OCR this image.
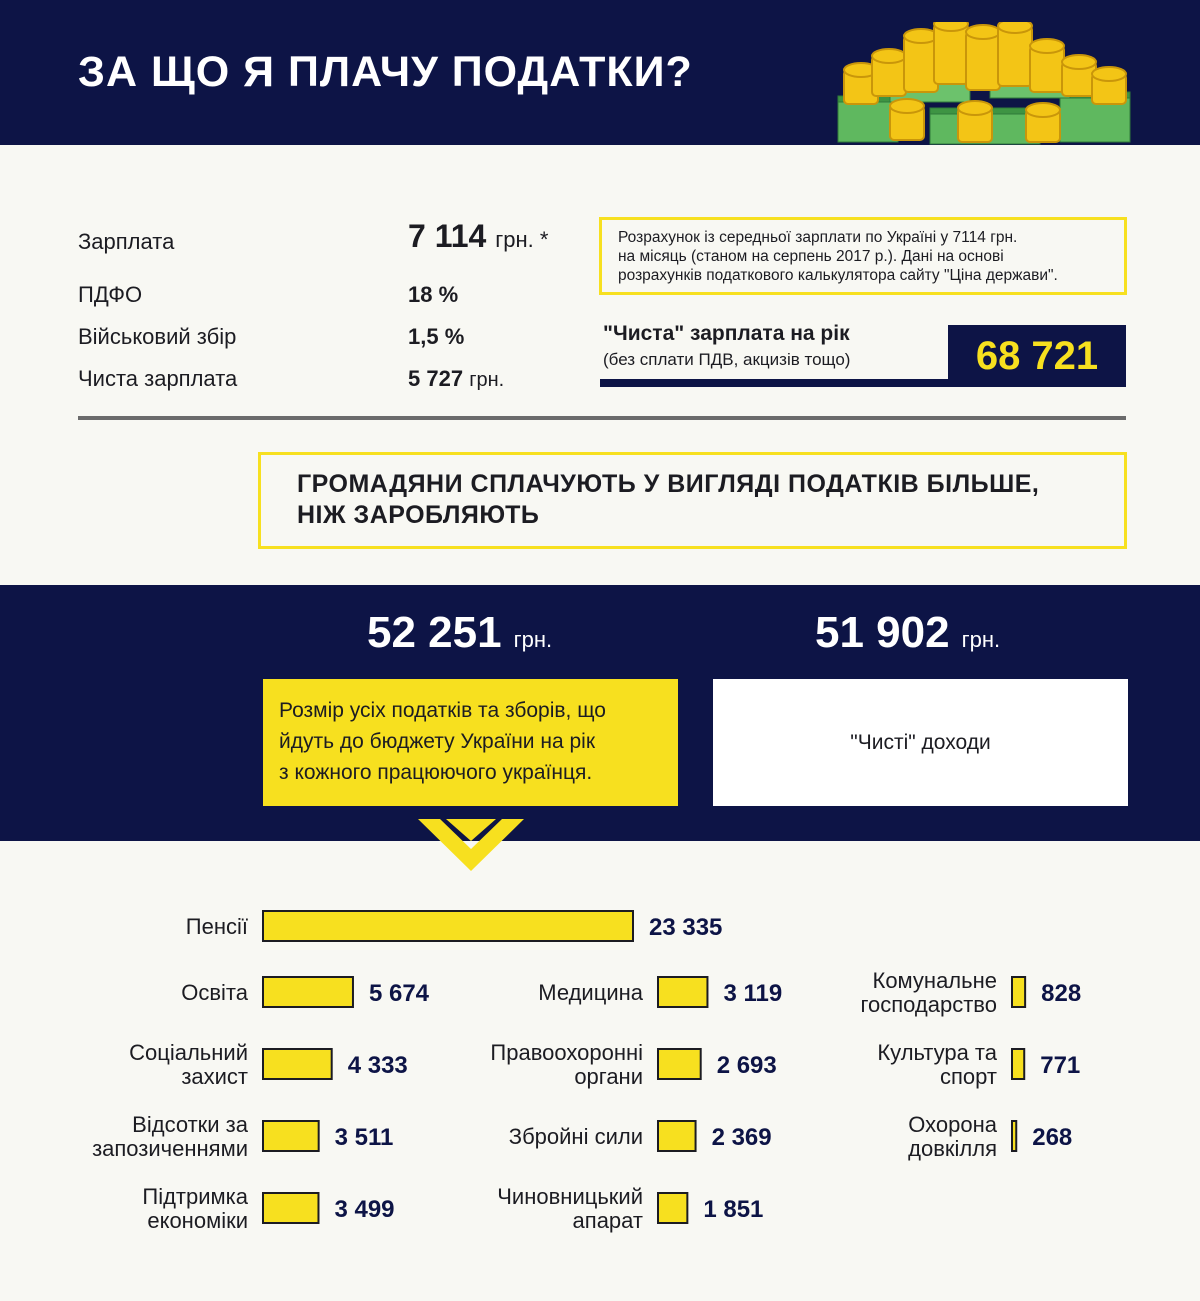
ЗА ЩО Я ПЛАЧУ ПОДАТКИ?
Зарплата	7 114 грн. *
ПДФО	18 %
Військовий збір	1,5 %
Чиста зарплата	5 727 грн.
Розрахунок із середньої зарплати по Україні у 7114 грн.
на місяць (станом на серпень 2017 р.). Дані на основі
розрахунків податкового калькулятора сайту "Ціна держави".
"Чиста" зарплата на рік
(без сплати ПДВ, акцизів тощо)	68 721
ГРОМАДЯНИ СПЛАЧУЮТЬ У ВИГЛЯДІ ПОДАТКІВ БІЛЬШЕ,
НІЖ ЗАРОБЛЯЮТЬ
52 251 грн.	51 902 грн.
Розмір усіх податків та зборів, що
йдуть до бюджету України на рік
з кожного працюючого українця.
"Чисті" доходи
Пенсії	23 335
Освіта	5 674
Соціальний захист	4 333
Відсотки за запозиченнями	3 511
Підтримка економіки	3 499
Медицина	3 119
Правоохоронні органи	2 693
Збройні сили	2 369
Чиновницький апарат	1 851
Комунальне господарство 828
Культура та спорт 771
Охорона довкілля 268
